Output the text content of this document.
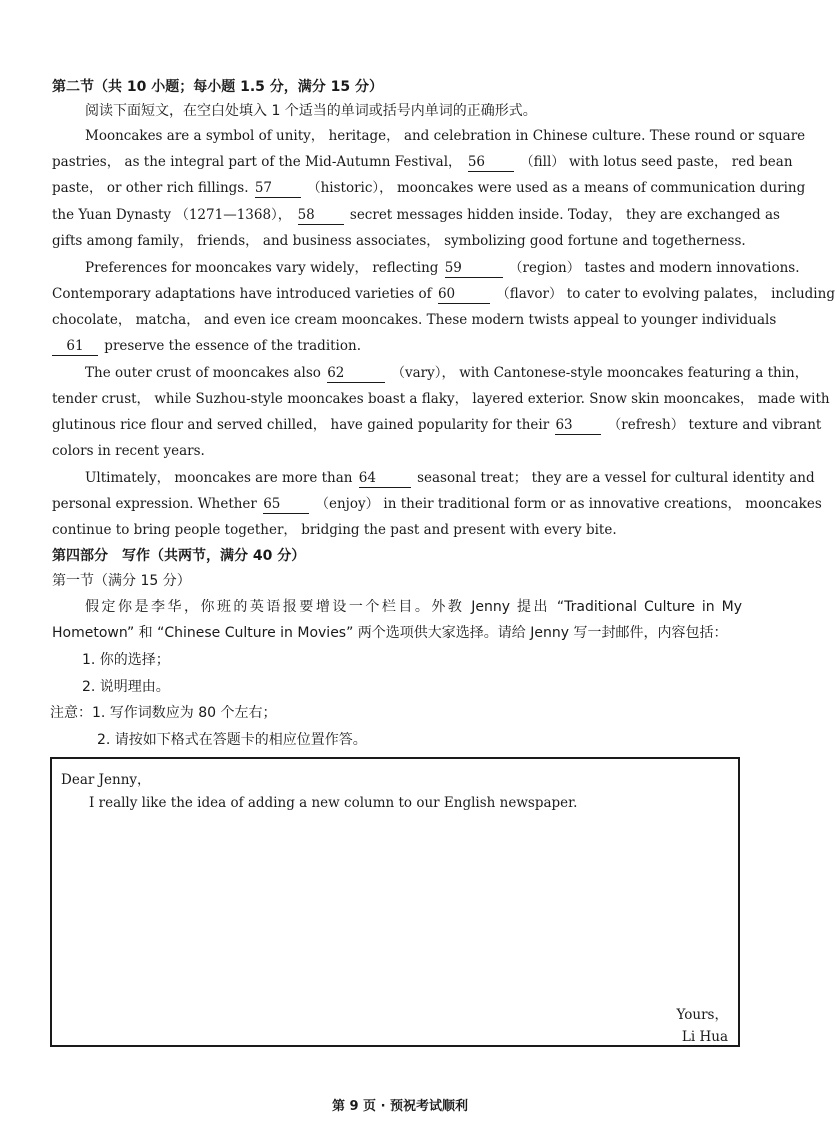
第二节（共 10 小题；每小题 1.5 分，满分 15 分）
阅读下面短文，在空白处填入 1 个适当的单词或括号内单词的正确形式。
Mooncakes are a symbol of unity， heritage， and celebration in Chinese culture. These round or square
pastries， as the integral part of the Mid-Autumn Festival， 56	（fill） with lotus seed paste， red bean
paste， or other rich fillings. 57	（historic）， mooncakes were used as a means of communication during
the Yuan Dynasty （1271—1368）， 58	secret messages hidden inside. Today， they are exchanged as
gifts among family， friends， and business associates， symbolizing good fortune and togetherness.
Preferences for mooncakes vary widely， reflecting 59	（region） tastes and modern innovations.
Contemporary adaptations have introduced varieties of 60	（flavor） to cater to evolving palates， including
chocolate， matcha， and even ice cream mooncakes. These modern twists appeal to younger individuals
61 preserve the essence of the tradition.
The outer crust of mooncakes also 62	（vary）， with Cantonese-style mooncakes featuring a thin，
tender crust， while Suzhou-style mooncakes boast a flaky， layered exterior. Snow skin mooncakes， made with
glutinous rice flour and served chilled， have gained popularity for their 63	（refresh） texture and vibrant
colors in recent years.
Ultimately， mooncakes are more than 64	seasonal treat； they are a vessel for cultural identity and
personal expression. Whether 65	（enjoy） in their traditional form or as innovative creations， mooncakes
continue to bring people together， bridging the past and present with every bite.
第四部分　写作（共两节，满分 40 分）
第一节（满分 15 分）
假定你是李华，你班的英语报要增设一个栏目。外教 Jenny 提出 “Traditional Culture in My
Hometown” 和 “Chinese Culture in Movies” 两个选项供大家选择。请给 Jenny 写一封邮件，内容包括：
1. 你的选择；
2. 说明理由。
注意：1. 写作词数应为 80 个左右；
2. 请按如下格式在答题卡的相应位置作答。
Dear Jenny，
I really like the idea of adding a new column to our English newspaper.
Yours，
Li Hua
第 9 页 · 预祝考试顺利
